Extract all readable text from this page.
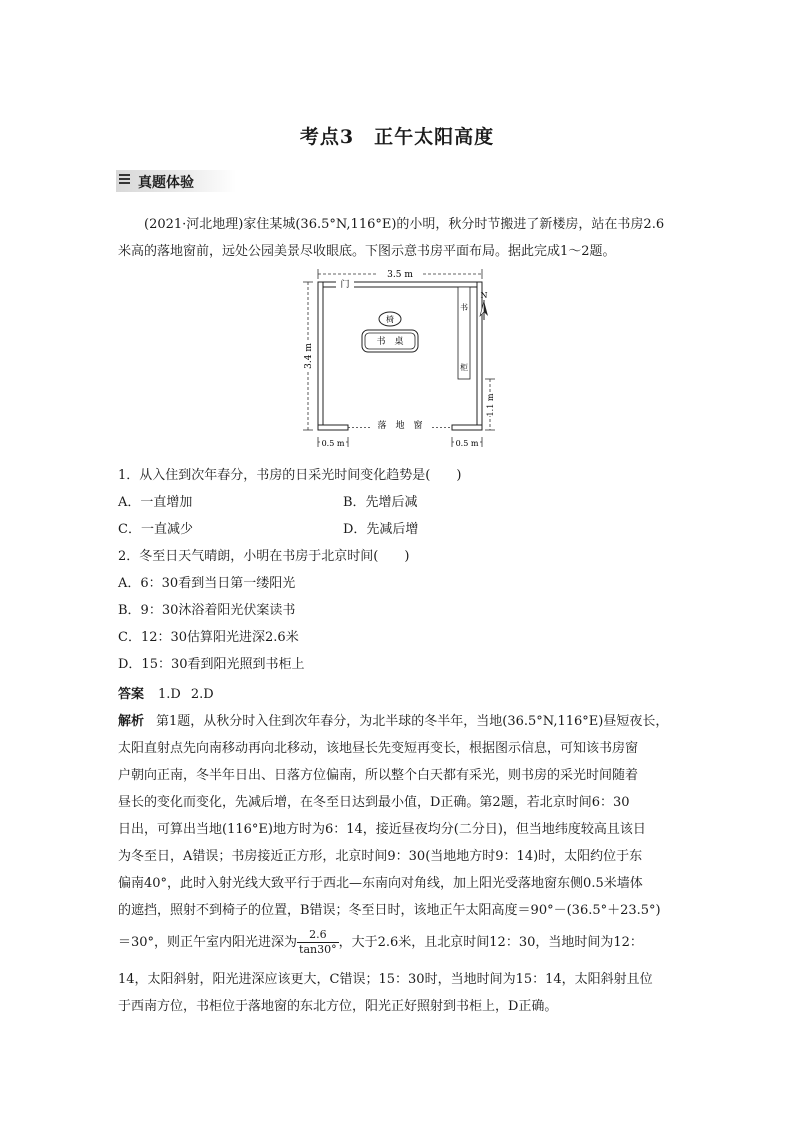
考点3　正午太阳高度
真题体验
(2021·河北地理)家住某城(36.5°N,116°E)的小明，秋分时节搬进了新楼房，站在书房2.6
米高的落地窗前，远处公园美景尽收眼底。下图示意书房平面布局。据此完成1～2题。
3.5 m
3.4 m
门
椅
书　桌
书
柜
1.1 m
落　地　窗
0.5 m	0.5 m
N
1．从入住到次年春分，书房的日采光时间变化趋势是(　　)
A．一直增加	B．先增后减
C．一直减少	D．先减后增
2．冬至日天气晴朗，小明在书房于北京时间(　　)
A．6：30看到当日第一缕阳光
B．9：30沐浴着阳光伏案读书
C．12：30估算阳光进深2.6米
D．15：30看到阳光照到书柜上
答案 1.D 2.D
解析 第1题，从秋分时入住到次年春分，为北半球的冬半年，当地(36.5°N,116°E)昼短夜长，
太阳直射点先向南移动再向北移动，该地昼长先变短再变长，根据图示信息，可知该书房窗
户朝向正南，冬半年日出、日落方位偏南，所以整个白天都有采光，则书房的采光时间随着
昼长的变化而变化，先减后增，在冬至日达到最小值，D正确。第2题，若北京时间6：30
日出，可算出当地(116°E)地方时为6：14，接近昼夜均分(二分日)，但当地纬度较高且该日
为冬至日，A错误；书房接近正方形，北京时间9：30(当地地方时9：14)时，太阳约位于东
偏南40°，此时入射光线大致平行于西北—东南向对角线，加上阳光受落地窗东侧0.5米墙体
的遮挡，照射不到椅子的位置，B错误；冬至日时，该地正午太阳高度＝90°－(36.5°＋23.5°)
＝30°，则正午室内阳光进深为 $\frac{2.6}{\tan 30^\circ}$ ，大于2.6米，且北京时间12：30，当地时间为12：
14，太阳斜射，阳光进深应该更大，C错误；15：30时，当地时间为15：14，太阳斜射且位
于西南方位，书柜位于落地窗的东北方位，阳光正好照射到书柜上，D正确。
